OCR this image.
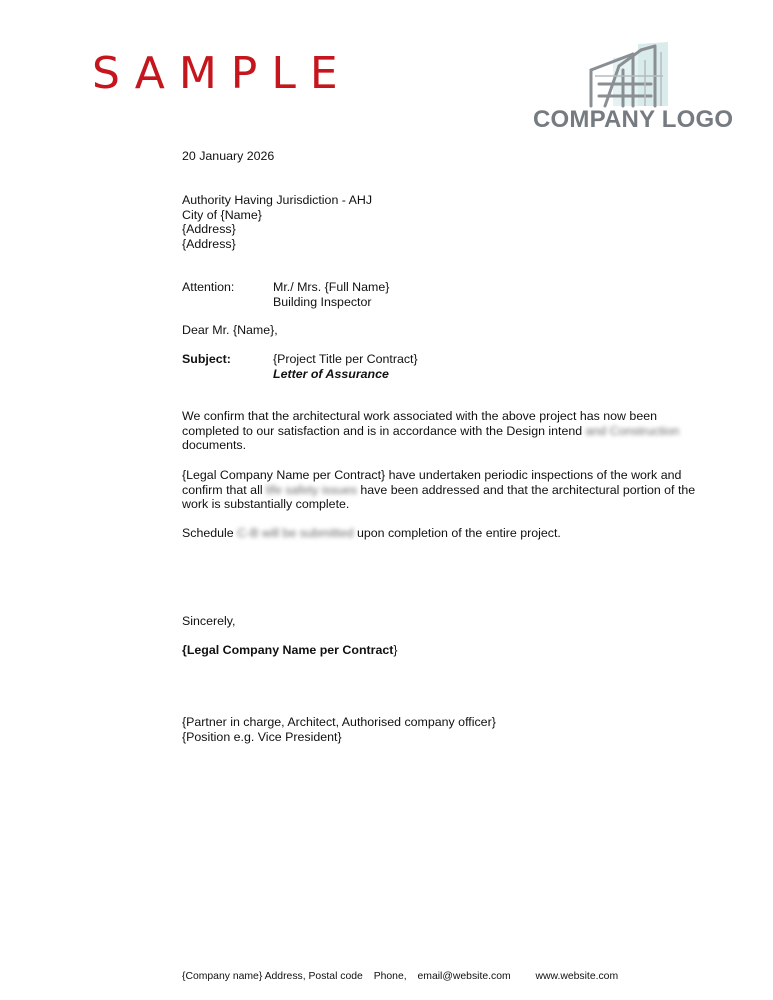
SAMPLE
COMPANY LOGO
20 January 2026
Authority Having Jurisdiction - AHJ
City of {Name}
{Address}
{Address}
Attention:	Mr./ Mrs. {Full Name}
Building Inspector
Dear Mr. {Name},
Subject:	{Project Title per Contract}
Letter of Assurance
We confirm that the architectural work associated with the above project has now been
completed to our satisfaction and is in accordance with the Design intend and Construction
documents.
{Legal Company Name per Contract} have undertaken periodic inspections of the work and
confirm that all life safety issues have been addressed and that the architectural portion of the
work is substantially complete.
Schedule C-B will be submitted upon completion of the entire project.
Sincerely,
{Legal Company Name per Contract}
{Partner in charge, Architect, Authorised company officer}
{Position e.g. Vice President}
{Company name} Address, Postal code Phone, email@website.com www.website.com
